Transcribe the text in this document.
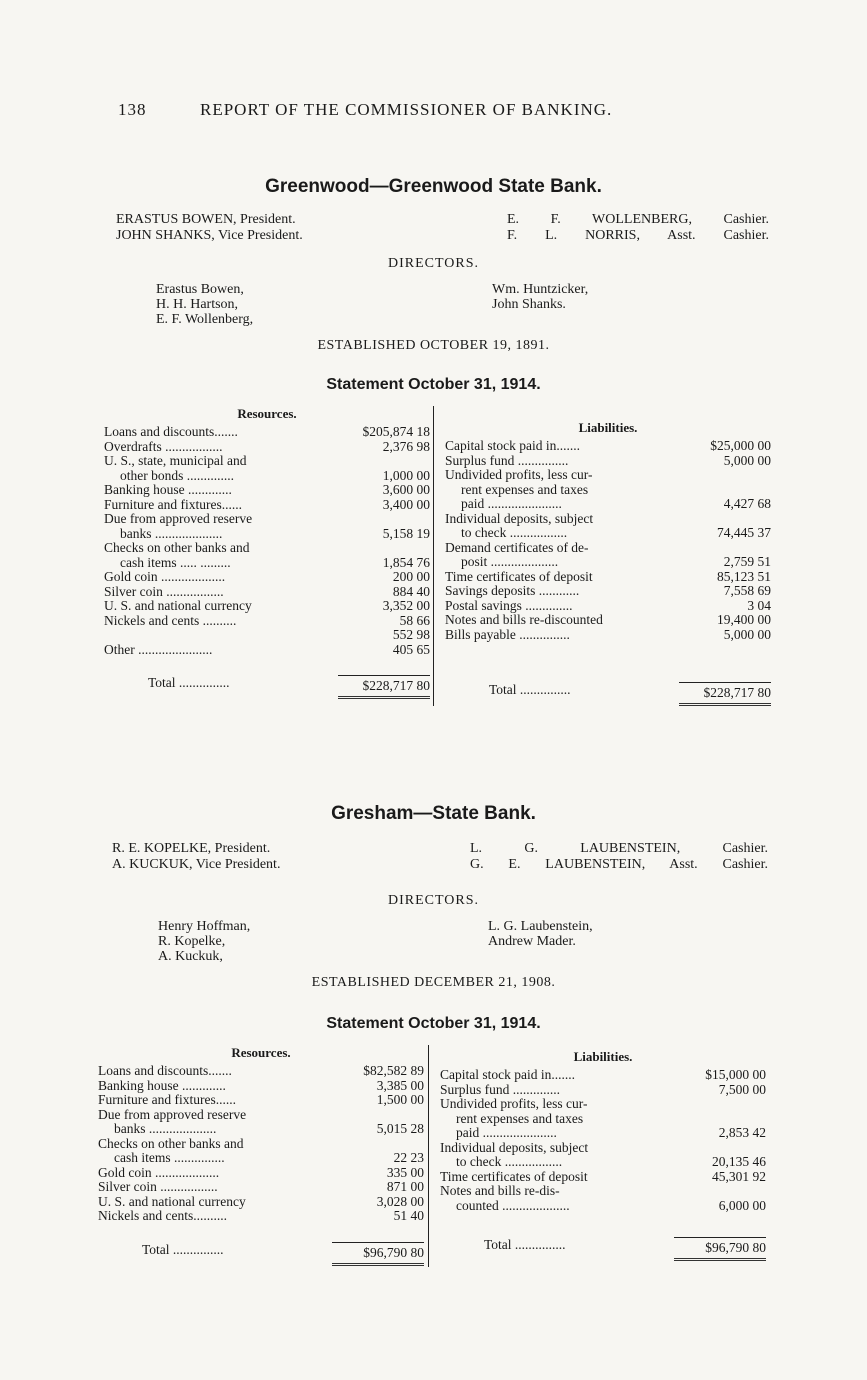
138	REPORT OF THE COMMISSIONER OF BANKING.
Greenwood—Greenwood State Bank.
ERASTUS BOWEN, President.
JOHN SHANKS, Vice President.
E. F. WOLLENBERG, Cashier.
F. L. NORRIS, Asst. Cashier.
DIRECTORS.
Erastus Bowen,
H. H. Hartson,
E. F. Wollenberg,
Wm. Huntzicker,
John Shanks.
ESTABLISHED OCTOBER 19, 1891.
Statement October 31, 1914.
Resources.
Loans and discounts.......	$205,874 18
Overdrafts .................	2,376 98
U. S., state, municipal and
other bonds ..............	1,000 00
Banking house .............	3,600 00
Furniture and fixtures......	3,400 00
Due from approved reserve
banks ....................	5,158 19
Checks on other banks and
cash items ..... .........	1,854 76
Gold coin ...................	200 00
Silver coin .................	884 40
U. S. and national currency	3,352 00
Nickels and cents ..........	58 66
552 98
Other ......................	405 65
Total ...............	$228,717 80
Liabilities.
Capital stock paid in.......	$25,000 00
Surplus fund ...............	5,000 00
Undivided profits, less cur-
rent expenses and taxes
paid ......................	4,427 68
Individual deposits, subject
to check .................	74,445 37
Demand certificates of de-
posit ....................	2,759 51
Time certificates of deposit	85,123 51
Savings deposits ............	7,558 69
Postal savings ..............	3 04
Notes and bills re-discounted	19,400 00
Bills payable ...............	5,000 00
Total ...............	$228,717 80
Gresham—State Bank.
R. E. KOPELKE, President.
A. KUCKUK, Vice President.
L. G. LAUBENSTEIN, Cashier.
G. E. LAUBENSTEIN, Asst. Cashier.
DIRECTORS.
Henry Hoffman,
R. Kopelke,
A. Kuckuk,
L. G. Laubenstein,
Andrew Mader.
ESTABLISHED DECEMBER 21, 1908.
Statement October 31, 1914.
Resources.
Loans and discounts.......	$82,582 89
Banking house .............	3,385 00
Furniture and fixtures......	1,500 00
Due from approved reserve
banks ....................	5,015 28
Checks on other banks and
cash items ...............	22 23
Gold coin ...................	335 00
Silver coin .................	871 00
U. S. and national currency	3,028 00
Nickels and cents..........	51 40
Total ...............	$96,790 80
Liabilities.
Capital stock paid in.......	$15,000 00
Surplus fund ..............	7,500 00
Undivided profits, less cur-
rent expenses and taxes
paid ......................	2,853 42
Individual deposits, subject
to check .................	20,135 46
Time certificates of deposit	45,301 92
Notes and bills re-dis-
counted ....................	6,000 00
Total ...............	$96,790 80
